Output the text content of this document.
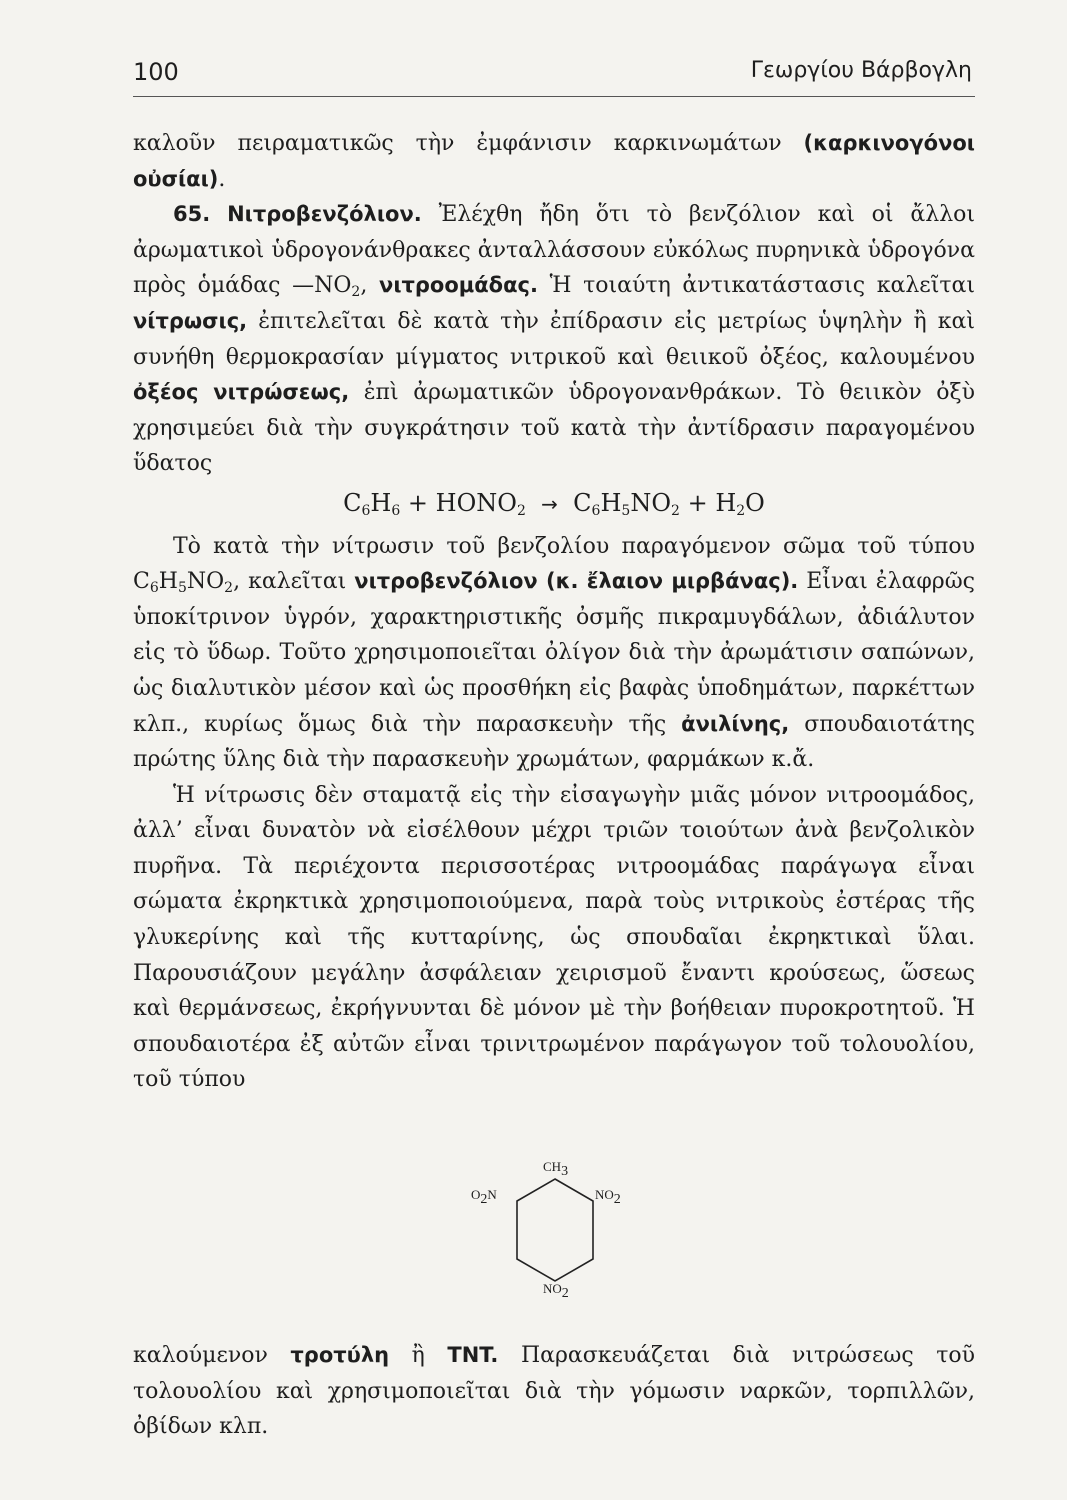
100	Γεωργίου Βάρβογλη

καλοῦν πειραματικῶς τὴν ἐμφάνισιν καρκινωμάτων (καρκινογόνοι οὐσίαι).

65. Νιτροβενζόλιον. Ἐλέχθη ἤδη ὅτι τὸ βενζόλιον καὶ οἱ ἄλλοι ἀρωματικοὶ ὑδρογονάνθρακες ἀνταλλάσσουν εὐκόλως πυρηνικὰ ὑδρογόνα πρὸς ὁμάδας $—NO_2$, νιτροομάδας. Ἡ τοιαύτη ἀντικατάστασις καλεῖται νίτρωσις, ἐπιτελεῖται δὲ κατὰ τὴν ἐπίδρασιν εἰς μετρίως ὑψηλὴν ἢ καὶ συνήθη θερμοκρασίαν μίγματος νιτρικοῦ καὶ θειικοῦ ὀξέος, καλουμένου ὀξέος νιτρώσεως, ἐπὶ ἀρωματικῶν ὑδρογονανθράκων. Τὸ θειικὸν ὀξὺ χρησιμεύει διὰ τὴν συγκράτησιν τοῦ κατὰ τὴν ἀντίδρασιν παραγομένου ὕδατος

$C_6H_6$ + $HONO_2 \to C_6H_5NO_2 + H_2O$

Τὸ κατὰ τὴν νίτρωσιν τοῦ βενζολίου παραγόμενον σῶμα τοῦ τύπου $C_6H_5NO_2$, καλεῖται νιτροβενζόλιον (κ. ἔλαιον μιρβάνας). Εἶναι ἐλαφρῶς ὑποκίτρινον ὑγρόν, χαρακτηριστικῆς ὀσμῆς πικραμυγδάλων, ἀδιάλυτον εἰς τὸ ὕδωρ. Τοῦτο χρησιμοποιεῖται ὀλίγον διὰ τὴν ἀρωμάτισιν σαπώνων, ὡς διαλυτικὸν μέσον καὶ ὡς προσθήκη εἰς βαφὰς ὑποδημάτων, παρκέττων κλπ., κυρίως ὅμως διὰ τὴν παρασκευὴν τῆς ἀνιλίνης, σπουδαιοτάτης πρώτης ὕλης διὰ τὴν παρασκευὴν χρωμάτων, φαρμάκων κ.ἄ.

Ἡ νίτρωσις δὲν σταματᾷ εἰς τὴν εἰσαγωγὴν μιᾶς μόνον νιτροομάδος, ἀλλ’ εἶναι δυνατὸν νὰ εἰσέλθουν μέχρι τριῶν τοιούτων ἀνὰ βενζολικὸν πυρῆνα. Τὰ περιέχοντα περισσοτέρας νιτροομάδας παράγωγα εἶναι σώματα ἐκρηκτικὰ χρησιμοποιούμενα, παρὰ τοὺς νιτρικοὺς ἐστέρας τῆς γλυκερίνης καὶ τῆς κυτταρίνης, ὡς σπουδαῖαι ἐκρηκτικαὶ ὕλαι. Παρουσιάζουν μεγάλην ἀσφάλειαν χειρισμοῦ ἔναντι κρούσεως, ὥσεως καὶ θερμάνσεως, ἐκρήγνυνται δὲ μόνον μὲ τὴν βοήθειαν πυροκροτητοῦ. Ἡ σπουδαιοτέρα ἐξ αὐτῶν εἶναι τρινιτρωμένον παράγωγον τοῦ τολουολίου, τοῦ τύπου

$CH_3$
$O_2N$	$NO_2$
$NO_2$

καλούμενον τροτύλη ἢ TNT. Παρασκευάζεται διὰ νιτρώσεως τοῦ τολουολίου καὶ χρησιμοποιεῖται διὰ τὴν γόμωσιν ναρκῶν, τορπιλλῶν, ὀβίδων κλπ.
